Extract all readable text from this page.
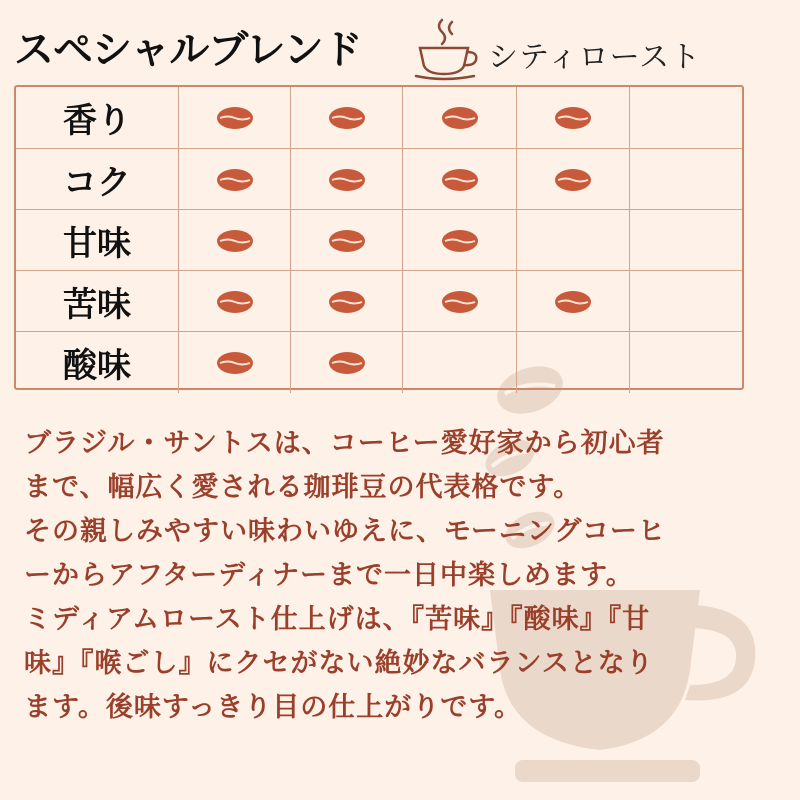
スペシャルブレンド	シティロースト
香り
コク
甘味
苦味
酸味
ブラジル・サントスは、コーヒー愛好家から初心者
まで、幅広く愛される珈琲豆の代表格です。
その親しみやすい味わいゆえに、モーニングコーヒ
ーからアフターディナーまで一日中楽しめます。
ミディアムロースト仕上げは、『苦味』『酸味』『甘
味』『喉ごし』にクセがない絶妙なバランスとなり
ます。後味すっきり目の仕上がりです。
